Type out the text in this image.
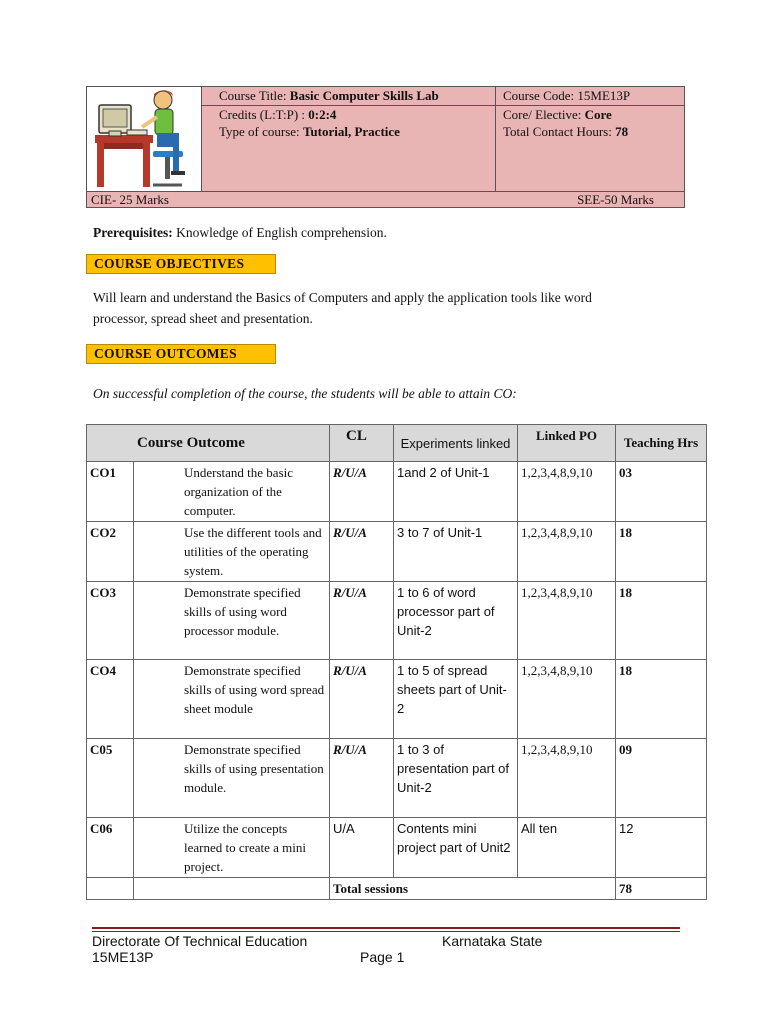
Course Title: Basic Computer Skills Lab
Credits (L:T:P) : 0:2:4
Type of course: Tutorial, Practice
Course Code: 15ME13P
Core/ Elective: Core
Total Contact Hours: 78
CIE- 25 Marks	SEE-50 Marks
Prerequisites: Knowledge of English comprehension.
COURSE OBJECTIVES
Will learn and understand the Basics of Computers and apply the application tools like word
processor, spread sheet and presentation.
COURSE OUTCOMES
On successful completion of the course, the students will be able to attain CO:
Course Outcome		CL	Experiments linked	Linked PO	Teaching Hrs
CO1	Understand the basic organization of the computer.	R/U/A	1and 2 of Unit-1	1,2,3,4,8,9,10	03
CO2	Use the different tools and utilities of the operating system.	R/U/A	3 to 7 of Unit-1	1,2,3,4,8,9,10	18
CO3	Demonstrate specified skills of using word processor module.	R/U/A	1 to 6 of word processor part of Unit-2	1,2,3,4,8,9,10	18
CO4	Demonstrate specified skills of using word spread sheet module	R/U/A	1 to 5 of spread sheets part of Unit-2	1,2,3,4,8,9,10	18
C05	Demonstrate specified skills of using presentation module.	R/U/A	1 to 3 of presentation part of Unit-2	1,2,3,4,8,9,10	09
C06	Utilize the concepts learned to create a mini project.	U/A	Contents mini project part of Unit2	All ten	12
		Total sessions			78
Directorate Of Technical Education	Karnataka State
15ME13P	Page 1
